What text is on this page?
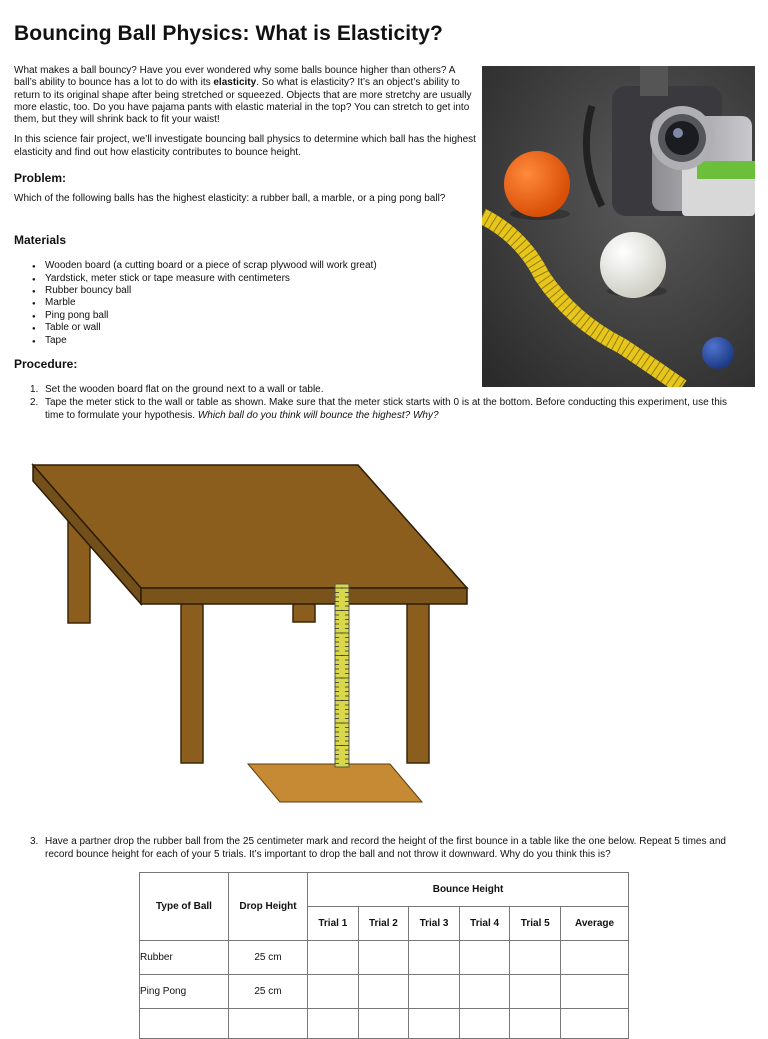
Bouncing Ball Physics: What is Elasticity?

What makes a ball bouncy? Have you ever wondered why some balls bounce higher than others? A ball’s ability to bounce has a lot to do with its elasticity. So what is elasticity? It’s an object’s ability to return to its original shape after being stretched or squeezed. Objects that are more stretchy are usually more elastic, too. Do you have pajama pants with elastic material in the top? You can stretch to get into them, but they will shrink back to fit your waist!

In this science fair project, we’ll investigate bouncing ball physics to determine which ball has the highest elasticity and find out how elasticity contributes to bounce height.

Problem:
Which of the following balls has the highest elasticity: a rubber ball, a marble, or a ping pong ball?
Materials
● Wooden board (a cutting board or a piece of scrap plywood will work great)
● Yardstick, meter stick or tape measure with centimeters
● Rubber bouncy ball
● Marble
● Ping pong ball
● Table or wall
● Tape
Procedure:
1. Set the wooden board flat on the ground next to a wall or table.
2. Tape the meter stick to the wall or table as shown. Make sure that the meter stick starts with 0 is at the bottom. Before conducting this experiment, use this time to formulate your hypothesis. Which ball do you think will bounce the highest? Why?
3. Have a partner drop the rubber ball from the 25 centimeter mark and record the height of the first bounce in a table like the one below. Repeat 5 times and record bounce height for each of your 5 trials. It’s important to drop the ball and not throw it downward. Why do you think this is?
Type of Ball	Drop Height	Bounce Height					
		Trial 1	Trial 2	Trial 3	Trial 4	Trial 5	Average
Rubber	25 cm						
Ping Pong	25 cm						
